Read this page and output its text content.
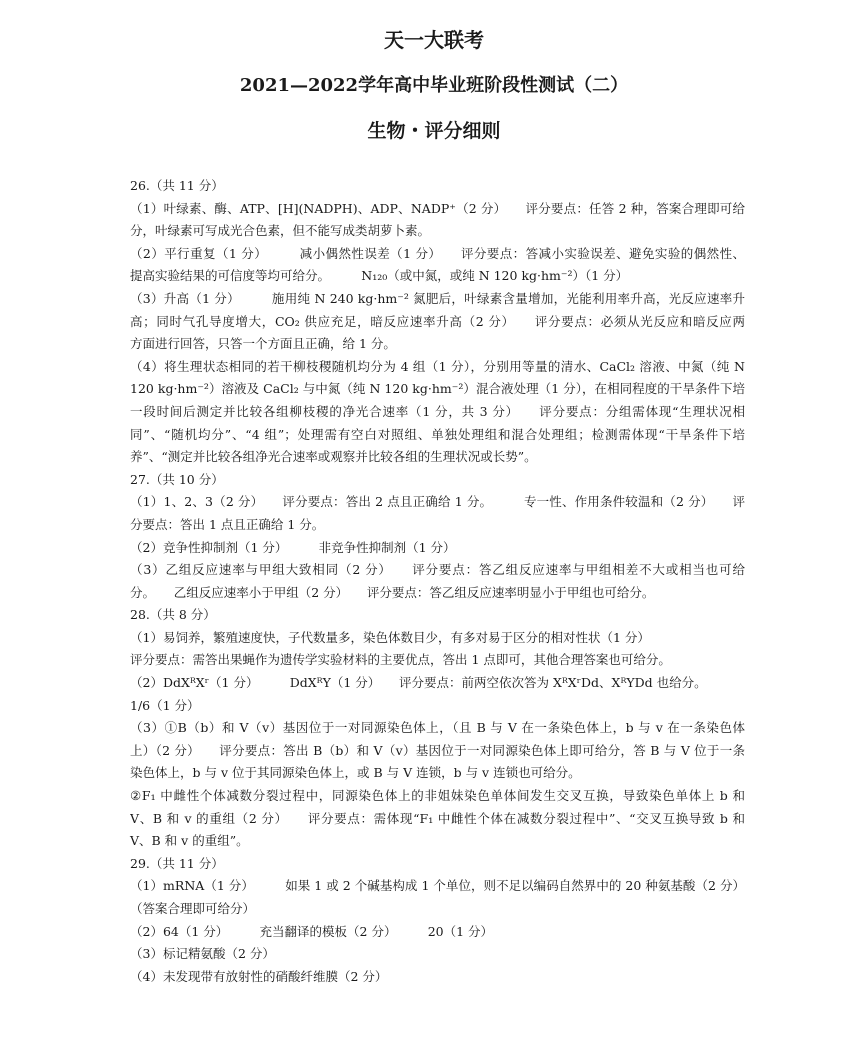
天一大联考
2021—2022学年高中毕业班阶段性测试（二）
生物・评分细则
26.（共 11 分）
（1）叶绿素、酶、ATP、[H](NADPH)、ADP、NADP⁺（2 分）　　评分要点：任答 2 种，答案合理即可给
分，叶绿素可写成光合色素，但不能写成类胡萝卜素。
（2）平行重复（1 分）　　　减小偶然性误差（1 分）　　评分要点：答减小实验误差、避免实验的偶然性、
提高实验结果的可信度等均可给分。　　　N₁₂₀（或中氮，或纯 N 120 kg·hm⁻²）（1 分）
（3）升高（1 分）　　　施用纯 N 240 kg·hm⁻² 氮肥后，叶绿素含量增加，光能利用率升高，光反应速率升
高；同时气孔导度增大，CO₂ 供应充足，暗反应速率升高（2 分）　　评分要点：必须从光反应和暗反应两
方面进行回答，只答一个方面且正确，给 1 分。
（4）将生理状态相同的若干柳枝稷随机均分为 4 组（1 分），分别用等量的清水、CaCl₂ 溶液、中氮（纯 N
120 kg·hm⁻²）溶液及 CaCl₂ 与中氮（纯 N 120 kg·hm⁻²）混合液处理（1 分），在相同程度的干旱条件下培
一段时间后测定并比较各组柳枝稷的净光合速率（1 分，共 3 分）　　评分要点：分组需体现“生理状况相
同”、“随机均分”、“4 组”；处理需有空白对照组、单独处理组和混合处理组；检测需体现“干旱条件下培
养”、“测定并比较各组净光合速率或观察并比较各组的生理状况或长势”。
27.（共 10 分）
（1）1、2、3（2 分）　　评分要点：答出 2 点且正确给 1 分。　　　专一性、作用条件较温和（2 分）　　评
分要点：答出 1 点且正确给 1 分。
（2）竞争性抑制剂（1 分）　　　非竞争性抑制剂（1 分）
（3）乙组反应速率与甲组大致相同（2 分）　　评分要点：答乙组反应速率与甲组相差不大或相当也可给
分。　　乙组反应速率小于甲组（2 分）　　评分要点：答乙组反应速率明显小于甲组也可给分。
28.（共 8 分）
（1）易饲养，繁殖速度快，子代数量多，染色体数目少，有多对易于区分的相对性状（1 分）
评分要点：需答出果蝇作为遗传学实验材料的主要优点，答出 1 点即可，其他合理答案也可给分。
（2）DdXᴿXʳ（1 分）　　　DdXᴿY（1 分）　　评分要点：前两空依次答为 XᴿXʳDd、XᴿYDd 也给分。
1/6（1 分）
（3）①B（b）和 V（v）基因位于一对同源染色体上，（且 B 与 V 在一条染色体上，b 与 v 在一条染色体
上）（2 分）　　评分要点：答出 B（b）和 V（v）基因位于一对同源染色体上即可给分，答 B 与 V 位于一条
染色体上，b 与 v 位于其同源染色体上，或 B 与 V 连锁，b 与 v 连锁也可给分。
②F₁ 中雌性个体减数分裂过程中，同源染色体上的非姐妹染色单体间发生交叉互换，导致染色单体上 b 和
V、B 和 v 的重组（2 分）　　评分要点：需体现“F₁ 中雌性个体在减数分裂过程中”、“交叉互换导致 b 和
V、B 和 v 的重组”。
29.（共 11 分）
（1）mRNA（1 分）　　　如果 1 或 2 个碱基构成 1 个单位，则不足以编码自然界中的 20 种氨基酸（2 分）
（答案合理即可给分）
（2）64（1 分）　　　充当翻译的模板（2 分）　　　20（1 分）
（3）标记精氨酸（2 分）
（4）未发现带有放射性的硝酸纤维膜（2 分）
